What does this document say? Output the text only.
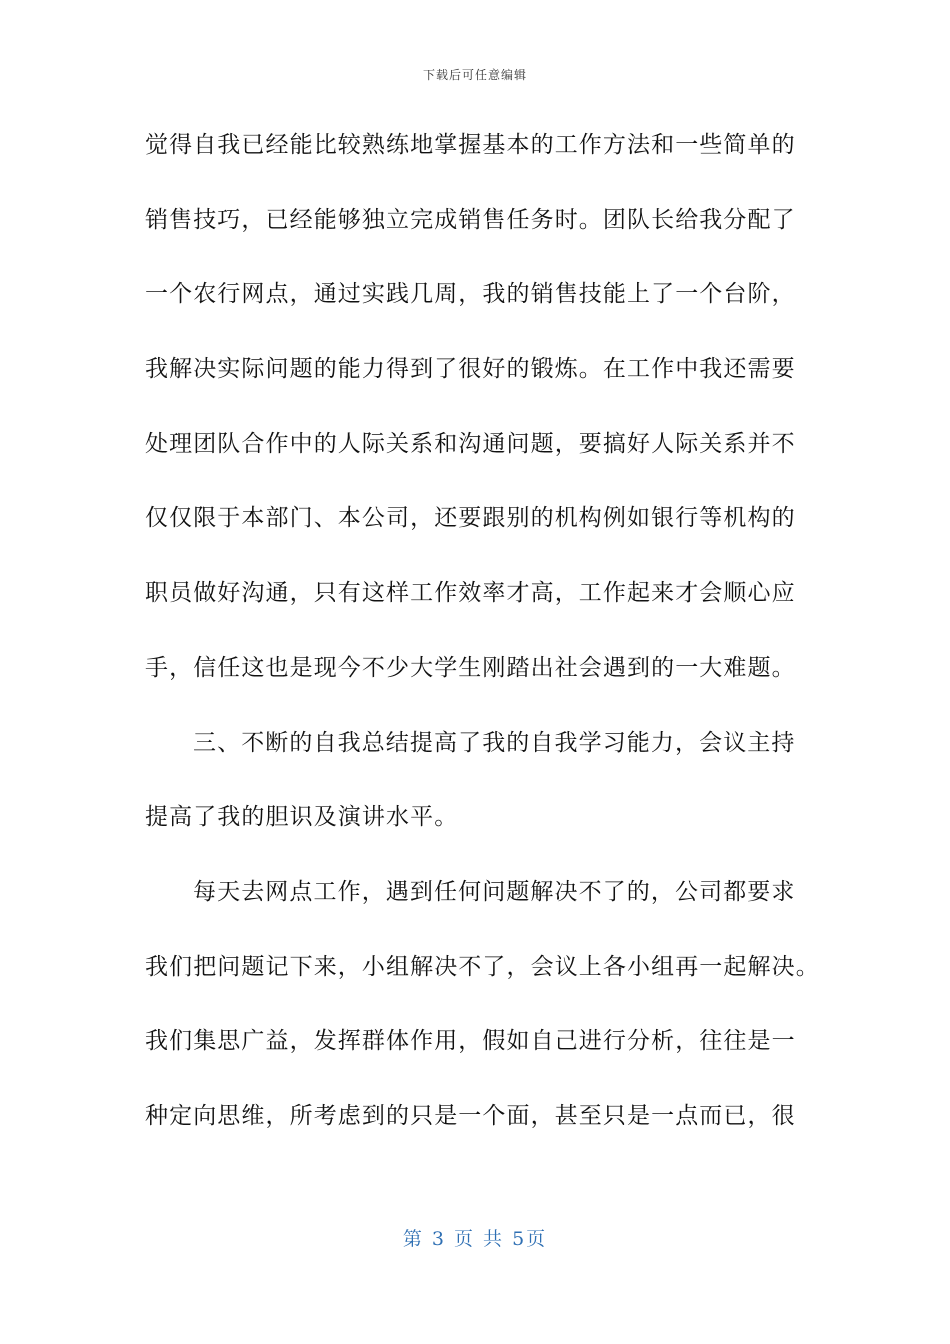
下载后可任意编辑
觉得自我已经能比较熟练地掌握基本的工作方法和一些简单的
销售技巧，已经能够独立完成销售任务时。团队长给我分配了
一个农行网点，通过实践几周，我的销售技能上了一个台阶，
我解决实际问题的能力得到了很好的锻炼。在工作中我还需要
处理团队合作中的人际关系和沟通问题，要搞好人际关系并不
仅仅限于本部门、本公司，还要跟别的机构例如银行等机构的
职员做好沟通，只有这样工作效率才高，工作起来才会顺心应
手，信任这也是现今不少大学生刚踏出社会遇到的一大难题。
三、不断的自我总结提高了我的自我学习能力，会议主持
提高了我的胆识及演讲水平。
每天去网点工作，遇到任何问题解决不了的，公司都要求
我们把问题记下来，小组解决不了，会议上各小组再一起解决。
我们集思广益，发挥群体作用，假如自己进行分析，往往是一
种定向思维，所考虑到的只是一个面，甚至只是一点而已，很
第 3 页 共 5页
